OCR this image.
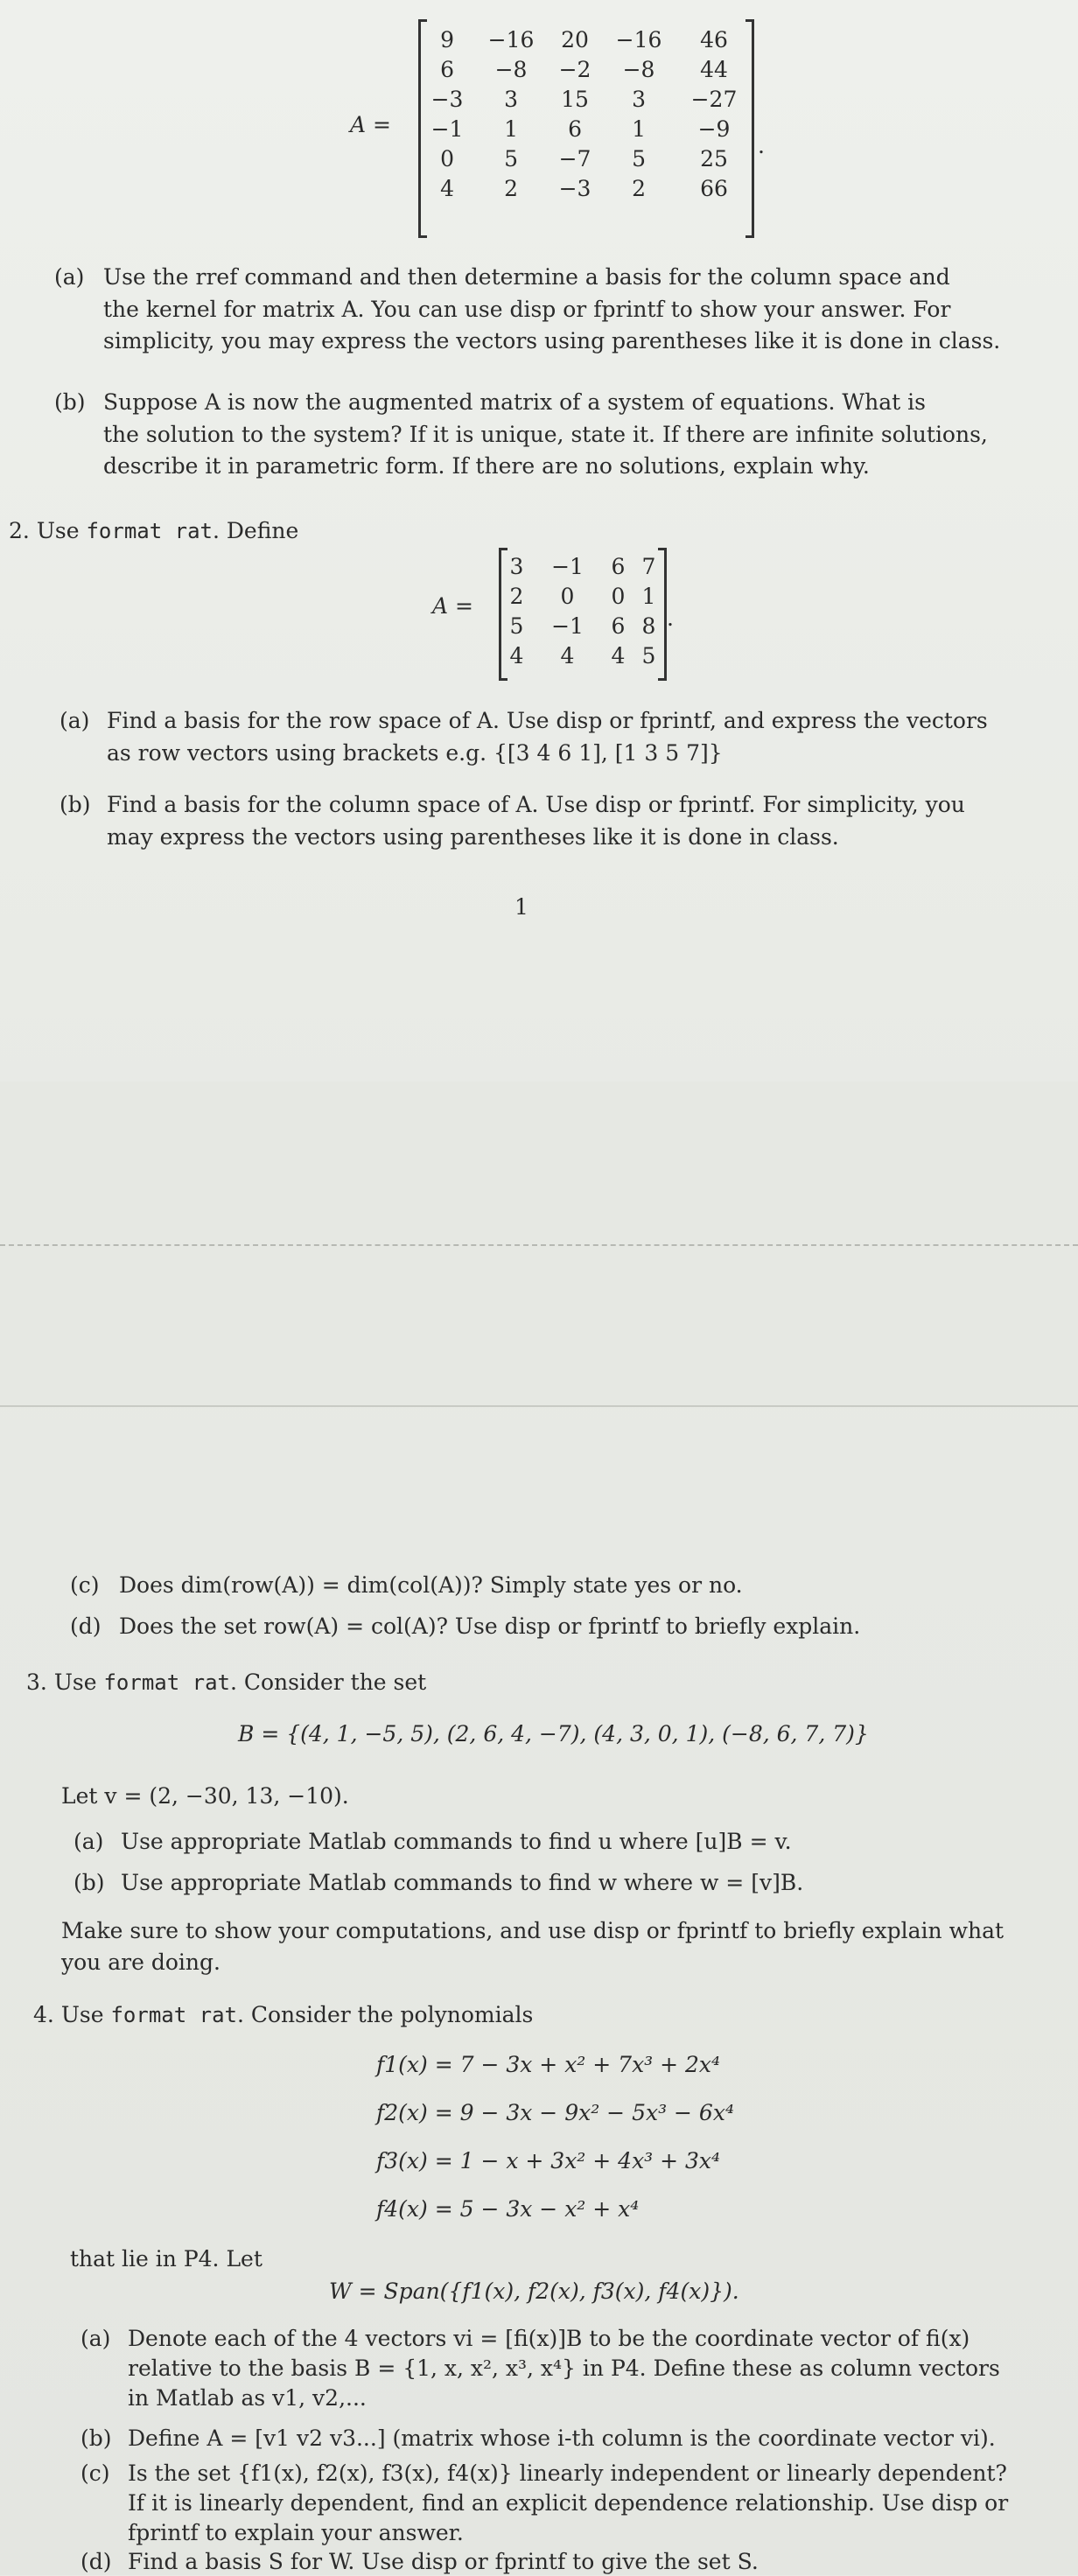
A =
9	−16	20	−16	46
6	−8	−2	−8	44
−3	3	15	3	−27
−1	1	6	1	−9
0	5	−7	5	25
4	2	−3	2	66
.
(a) Use the rref command and then determine a basis for the column space and
the kernel for matrix A. You can use disp or fprintf to show your answer. For
simplicity, you may express the vectors using parentheses like it is done in class.
(b) Suppose A is now the augmented matrix of a system of equations. What is
the solution to the system? If it is unique, state it. If there are infinite solutions,
describe it in parametric form. If there are no solutions, explain why.
2. Use format rat. Define
A =
3	−1	6	7
2	0	0	1
5	−1	6	8
4	4	4	5
.
(a) Find a basis for the row space of A. Use disp or fprintf, and express the vectors
as row vectors using brackets e.g. {[3 4 6 1], [1 3 5 7]}
(b) Find a basis for the column space of A. Use disp or fprintf. For simplicity, you
may express the vectors using parentheses like it is done in class.
1
(c) Does dim(row(A)) = dim(col(A))? Simply state yes or no.
(d) Does the set row(A) = col(A)? Use disp or fprintf to briefly explain.
3. Use format rat. Consider the set
B = {(4, 1, −5, 5), (2, 6, 4, −7), (4, 3, 0, 1), (−8, 6, 7, 7)}
Let v = (2, −30, 13, −10).
(a) Use appropriate Matlab commands to find u where [u]B = v.
(b) Use appropriate Matlab commands to find w where w = [v]B.
Make sure to show your computations, and use disp or fprintf to briefly explain what
you are doing.
4. Use format rat. Consider the polynomials
f1(x) = 7 − 3x + x² + 7x³ + 2x⁴
f2(x) = 9 − 3x − 9x² − 5x³ − 6x⁴
f3(x) = 1 − x + 3x² + 4x³ + 3x⁴
f4(x) = 5 − 3x − x² + x⁴
that lie in P4. Let
W = Span({f1(x), f2(x), f3(x), f4(x)}).
(a) Denote each of the 4 vectors vi = [fi(x)]B to be the coordinate vector of fi(x)
relative to the basis B = {1, x, x², x³, x⁴} in P4. Define these as column vectors
in Matlab as v1, v2,...
(b) Define A = [v1 v2 v3...] (matrix whose i-th column is the coordinate vector vi).
(c) Is the set {f1(x), f2(x), f3(x), f4(x)} linearly independent or linearly dependent?
If it is linearly dependent, find an explicit dependence relationship. Use disp or
fprintf to explain your answer.
(d) Find a basis S for W. Use disp or fprintf to give the set S.
